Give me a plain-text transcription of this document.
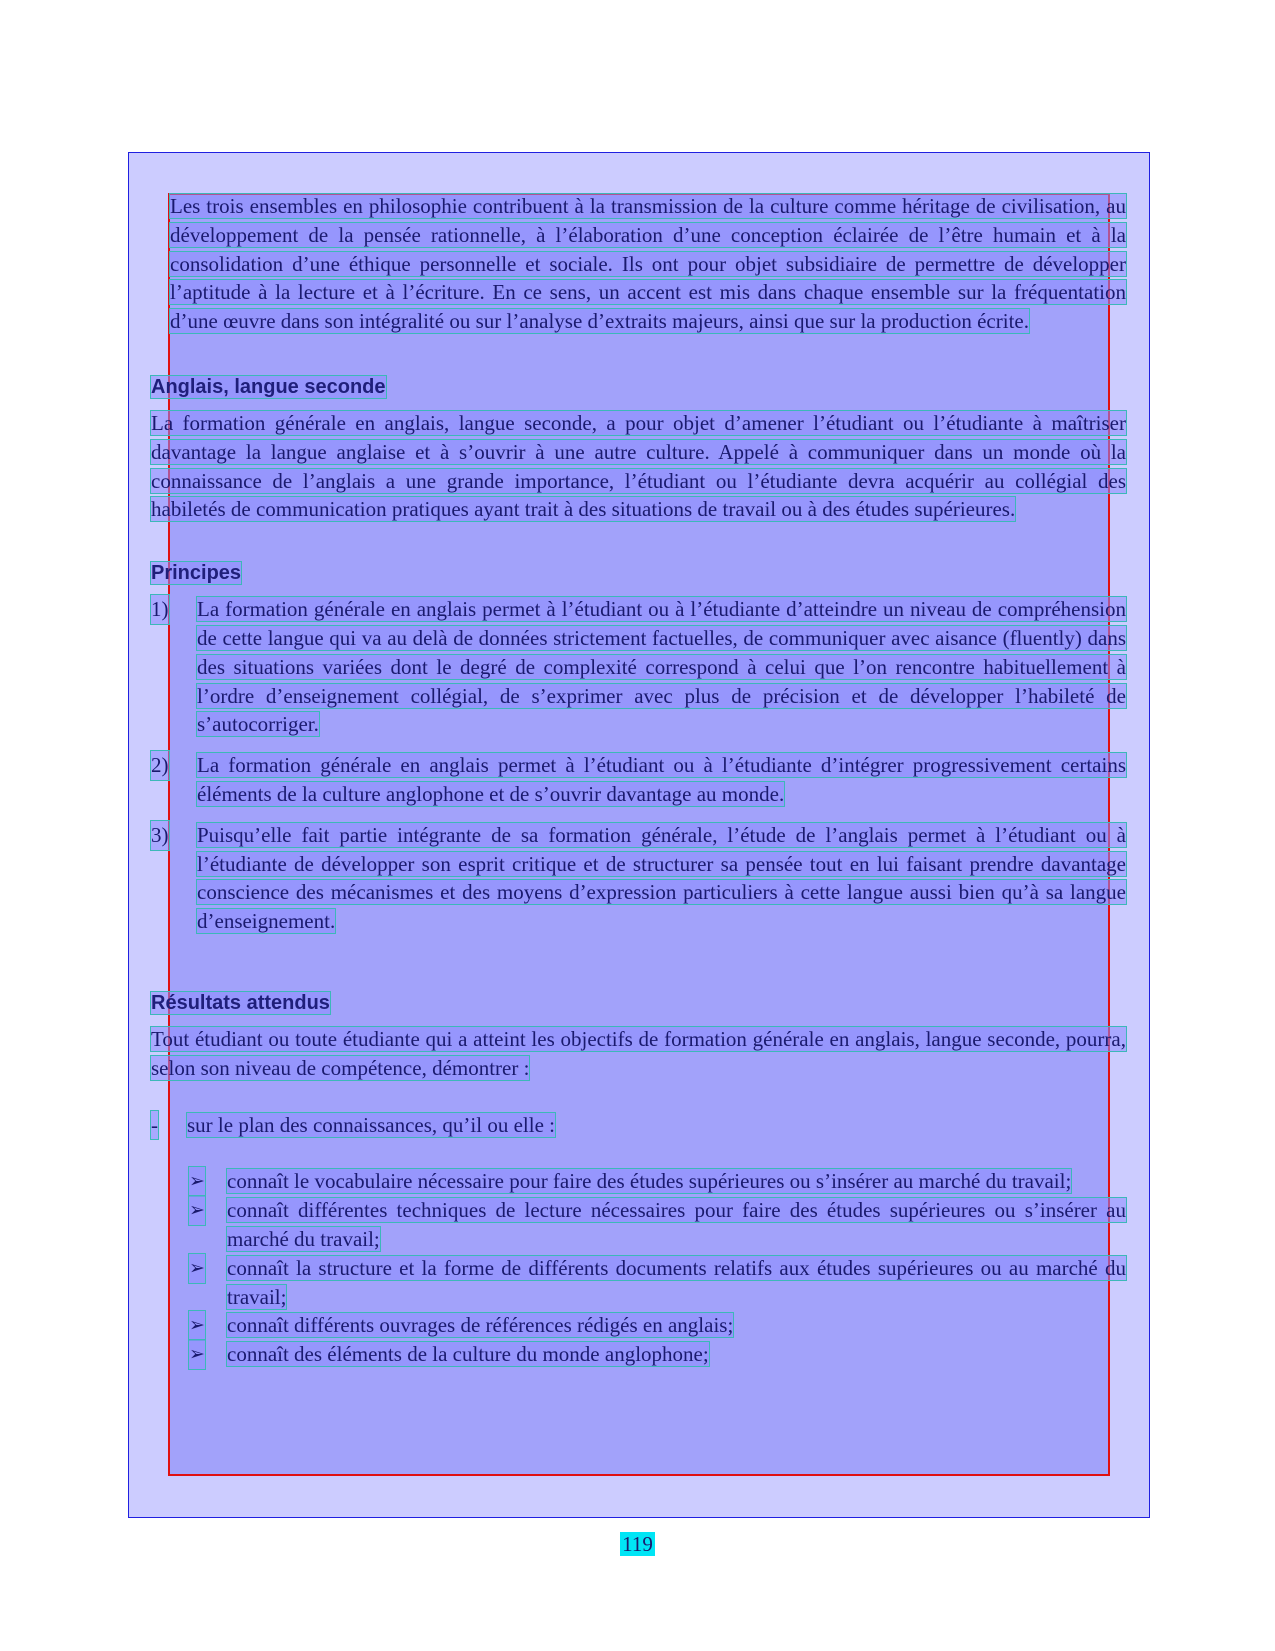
Les trois ensembles en philosophie contribuent à la transmission de la culture comme héritage de civilisation, au développement de la pensée rationnelle, à l’élaboration d’une conception éclairée de l’être humain et à la consolidation d’une éthique personnelle et sociale. Ils ont pour objet subsidiaire de permettre de développer l’aptitude à la lecture et à l’écriture. En ce sens, un accent est mis dans chaque ensemble sur la fréquentation d’une œuvre dans son intégralité ou sur l’analyse d’extraits majeurs, ainsi que sur la production écrite.
Anglais, langue seconde
La formation générale en anglais, langue seconde, a pour objet d’amener l’étudiant ou l’étudiante à maîtriser davantage la langue anglaise et à s’ouvrir à une autre culture. Appelé à communiquer dans un monde où la connaissance de l’anglais a une grande importance, l’étudiant ou l’étudiante devra acquérir au collégial des habiletés de communication pratiques ayant trait à des situations de travail ou à des études supérieures.
Principes
1) La formation générale en anglais permet à l’étudiant ou à l’étudiante d’atteindre un niveau de compréhension de cette langue qui va au delà de données strictement factuelles, de communiquer avec aisance (fluently) dans des situations variées dont le degré de complexité correspond à celui que l’on rencontre habituellement à l’ordre d’enseignement collégial, de s’exprimer avec plus de précision et de développer l’habileté de s’autocorriger.
2) La formation générale en anglais permet à l’étudiant ou à l’étudiante d’intégrer progressivement certains éléments de la culture anglophone et de s’ouvrir davantage au monde.
3) Puisqu’elle fait partie intégrante de sa formation générale, l’étude de l’anglais permet à l’étudiant ou à l’étudiante de développer son esprit critique et de structurer sa pensée tout en lui faisant prendre davantage conscience des mécanismes et des moyens d’expression particuliers à cette langue aussi bien qu’à sa langue d’enseignement.
Résultats attendus
Tout étudiant ou toute étudiante qui a atteint les objectifs de formation générale en anglais, langue seconde, pourra, selon son niveau de compétence, démontrer :
- sur le plan des connaissances, qu’il ou elle :
➢ connaît le vocabulaire nécessaire pour faire des études supérieures ou s’insérer au marché du travail;
➢ connaît différentes techniques de lecture nécessaires pour faire des études supérieures ou s’insérer au marché du travail;
➢ connaît la structure et la forme de différents documents relatifs aux études supérieures ou au marché du travail;
➢ connaît différents ouvrages de références rédigés en anglais;
➢ connaît des éléments de la culture du monde anglophone;
119
